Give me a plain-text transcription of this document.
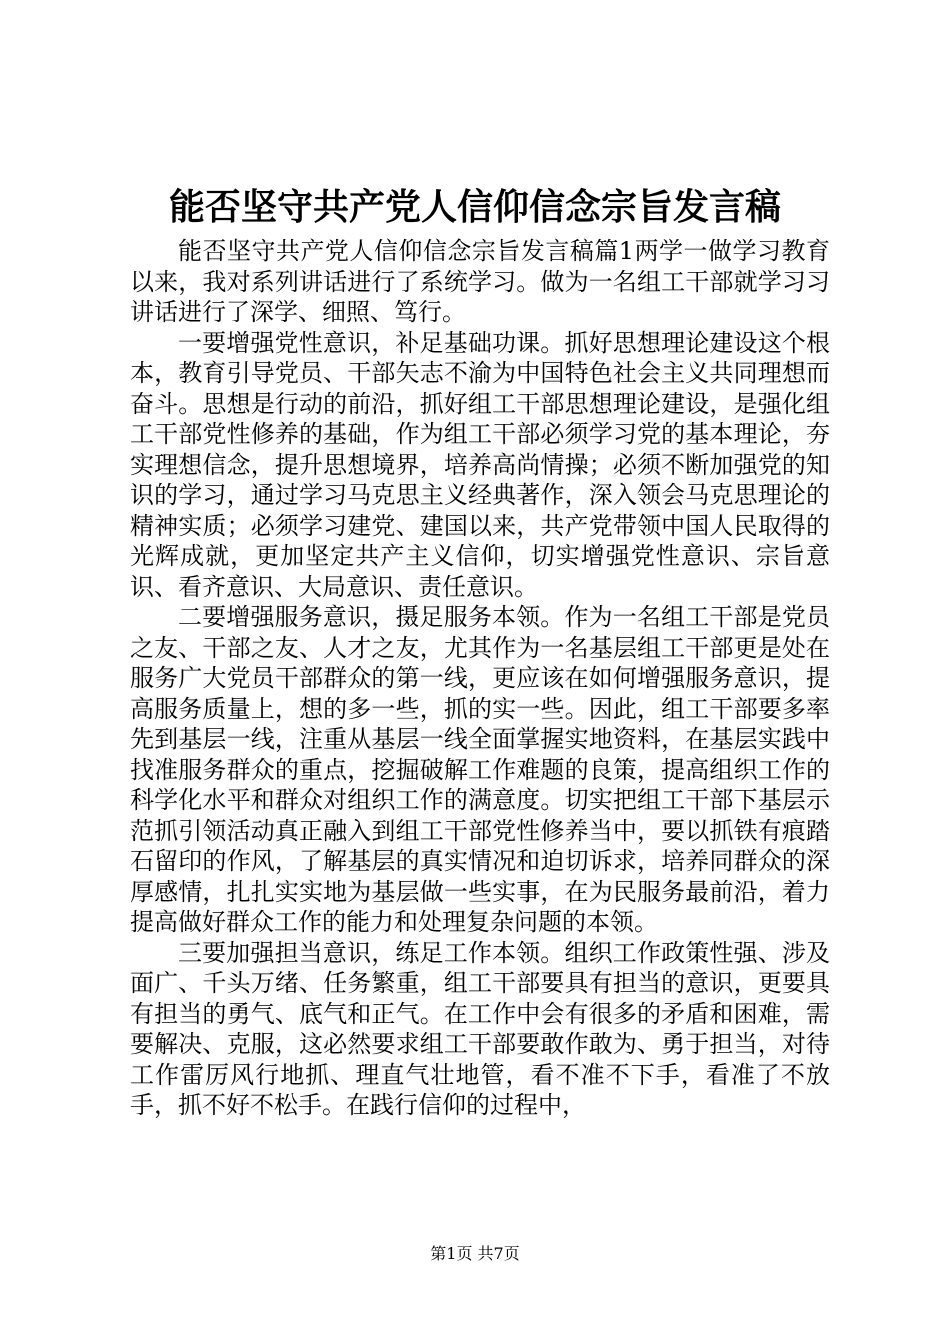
能否坚守共产党人信仰信念宗旨发言稿

能否坚守共产党人信仰信念宗旨发言稿篇1两学一做学习教育以来，我对系列讲话进行了系统学习。做为一名组工干部就学习习讲话进行了深学、细照、笃行。

一要增强党性意识，补足基础功课。抓好思想理论建设这个根本，教育引导党员、干部矢志不渝为中国特色社会主义共同理想而奋斗。思想是行动的前沿，抓好组工干部思想理论建设，是强化组工干部党性修养的基础，作为组工干部必须学习党的基本理论，夯实理想信念，提升思想境界，培养高尚情操；必须不断加强党的知识的学习，通过学习马克思主义经典著作，深入领会马克思理论的精神实质；必须学习建党、建国以来，共产党带领中国人民取得的光辉成就，更加坚定共产主义信仰，切实增强党性意识、宗旨意识、看齐意识、大局意识、责任意识。

二要增强服务意识，摄足服务本领。作为一名组工干部是党员之友、干部之友、人才之友，尤其作为一名基层组工干部更是处在服务广大党员干部群众的第一线，更应该在如何增强服务意识，提高服务质量上，想的多一些，抓的实一些。因此，组工干部要多率先到基层一线，注重从基层一线全面掌握实地资料，在基层实践中找准服务群众的重点，挖掘破解工作难题的良策，提高组织工作的科学化水平和群众对组织工作的满意度。切实把组工干部下基层示范抓引领活动真正融入到组工干部党性修养当中，要以抓铁有痕踏石留印的作风，了解基层的真实情况和迫切诉求，培养同群众的深厚感情，扎扎实实地为基层做一些实事，在为民服务最前沿，着力提高做好群众工作的能力和处理复杂问题的本领。

三要加强担当意识，练足工作本领。组织工作政策性强、涉及面广、千头万绪、任务繁重，组工干部要具有担当的意识，更要具有担当的勇气、底气和正气。在工作中会有很多的矛盾和困难，需要解决、克服，这必然要求组工干部要敢作敢为、勇于担当，对待工作雷厉风行地抓、理直气壮地管，看不准不下手，看准了不放手，抓不好不松手。在践行信仰的过程中，

第1页 共7页
